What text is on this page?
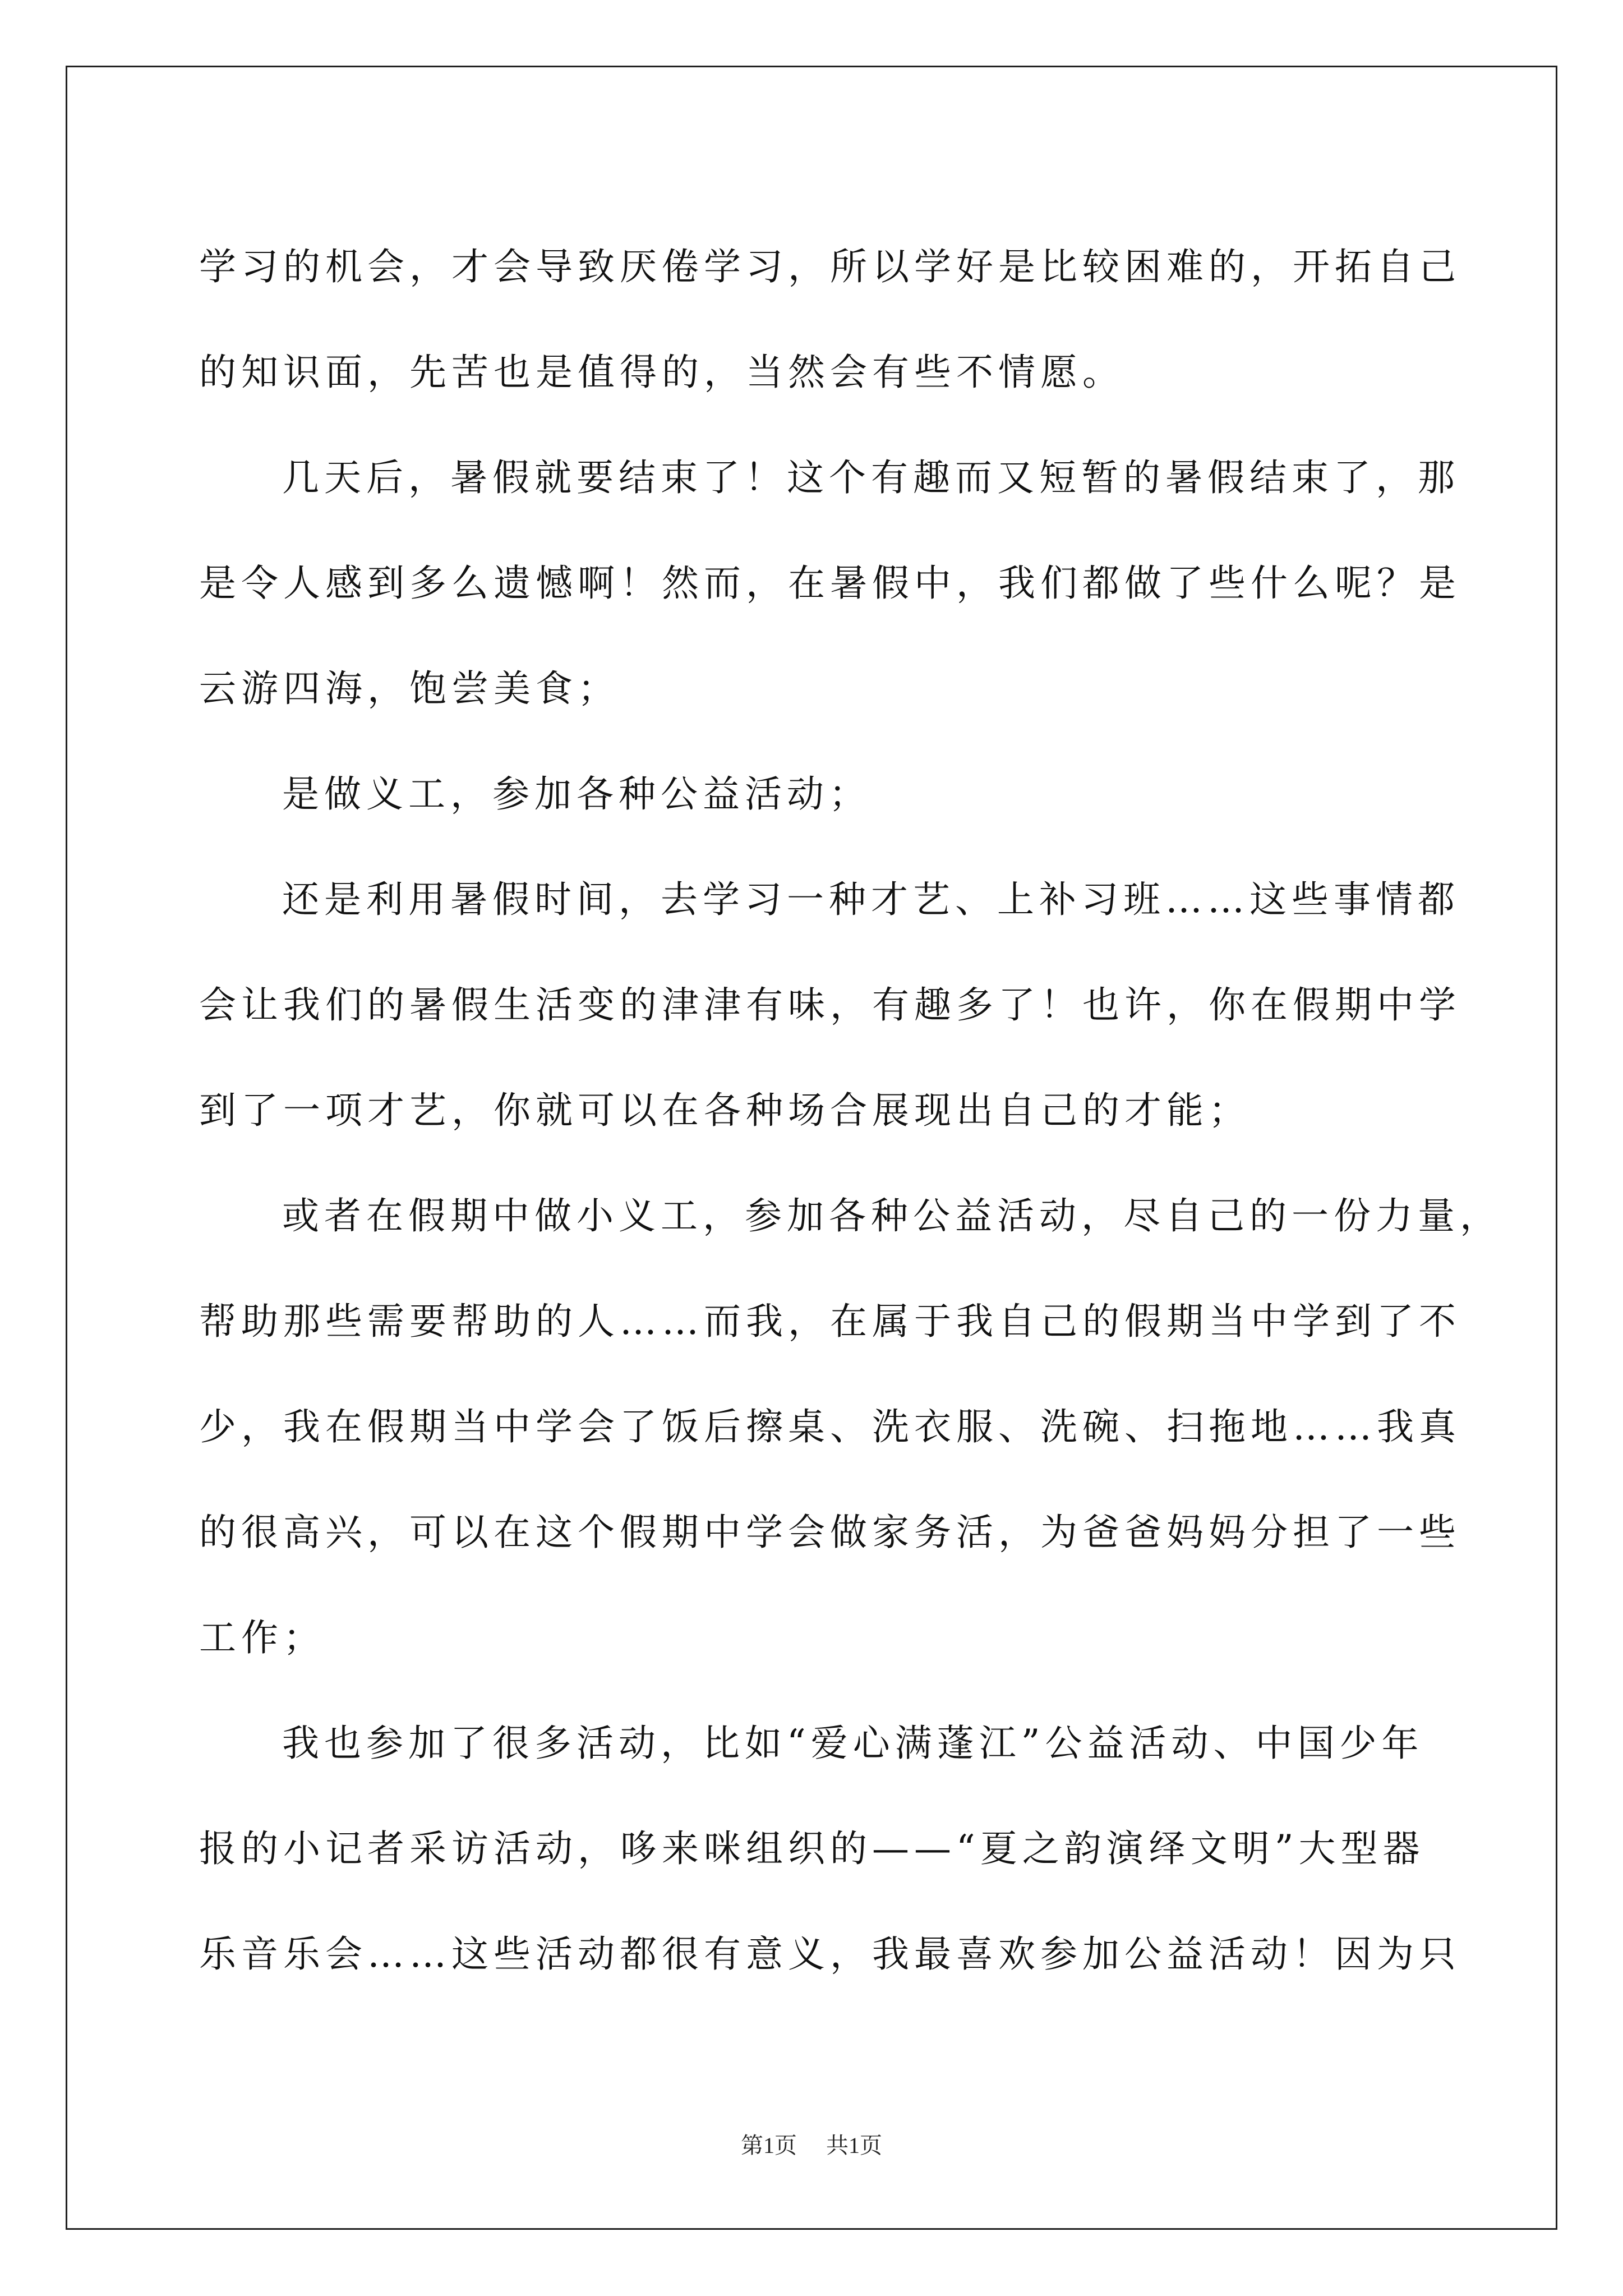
学习的机会，才会导致厌倦学习，所以学好是比较困难的，开拓自己
的知识面，先苦也是值得的，当然会有些不情愿。
几天后，暑假就要结束了！这个有趣而又短暂的暑假结束了，那
是令人感到多么遗憾啊！然而，在暑假中，我们都做了些什么呢？是
云游四海，饱尝美食；
是做义工，参加各种公益活动；
还是利用暑假时间，去学习一种才艺、上补习班……这些事情都
会让我们的暑假生活变的津津有味，有趣多了！也许，你在假期中学
到了一项才艺，你就可以在各种场合展现出自己的才能；
或者在假期中做小义工，参加各种公益活动，尽自己的一份力量，
帮助那些需要帮助的人……而我，在属于我自己的假期当中学到了不
少，我在假期当中学会了饭后擦桌、洗衣服、洗碗、扫拖地……我真
的很高兴，可以在这个假期中学会做家务活，为爸爸妈妈分担了一些
工作；
我也参加了很多活动，比如“爱心满蓬江”公益活动、中国少年
报的小记者采访活动，哆来咪组织的——“夏之韵演绎文明”大型器
乐音乐会……这些活动都很有意义，我最喜欢参加公益活动！因为只
第1页 共1页
